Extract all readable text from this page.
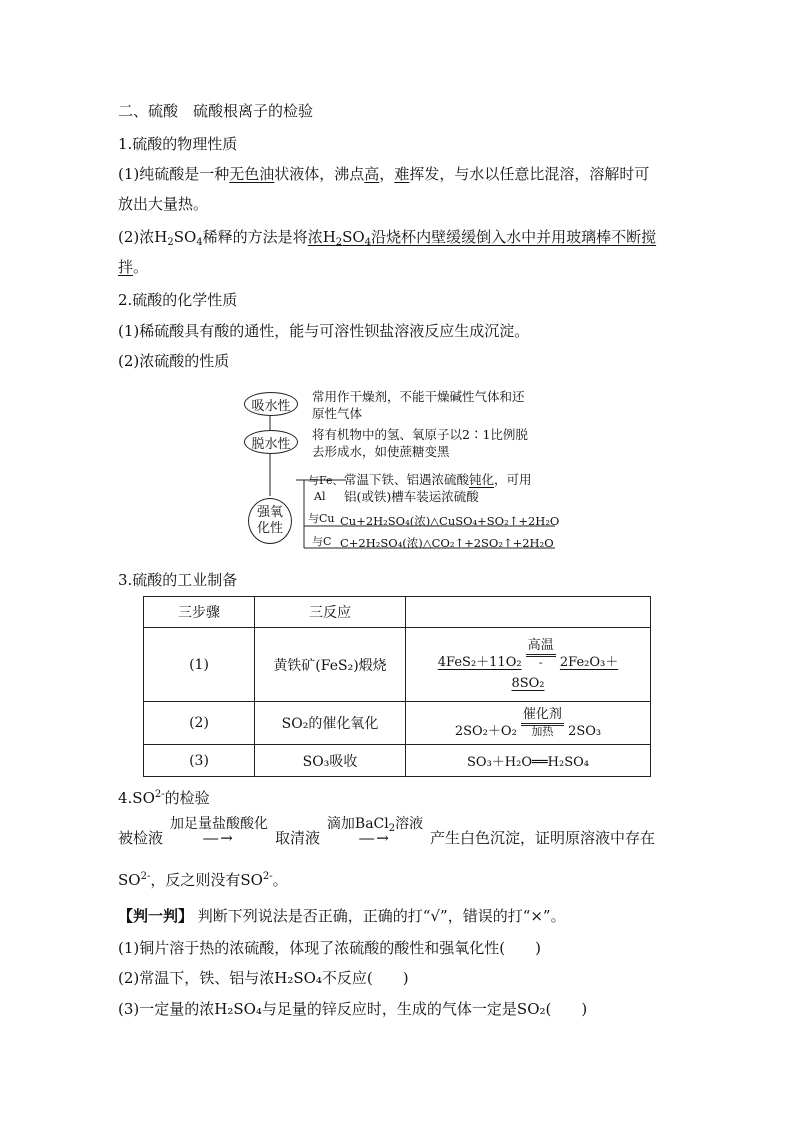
二、硫酸　硫酸根离子的检验
1.硫酸的物理性质
(1)纯硫酸是一种无色油状液体，沸点高，难挥发，与水以任意比混溶，溶解时可
放出大量热。
(2)浓$H_2SO_4$稀释的方法是将浓$H_2SO_4$沿烧杯内壁缓缓倒入水中并用玻璃棒不断搅
拌。
2.硫酸的化学性质
(1)稀硫酸具有酸的通性，能与可溶性钡盐溶液反应生成沉淀。
(2)浓硫酸的性质
吸水性
脱水性
强氧
化性
常用作干燥剂，不能干燥碱性气体和还
原性气体
将有机物中的氢、氧原子以2∶1比例脱
去形成水，如使蔗糖变黑
与Fe、
Al
常温下铁、铝遇浓硫酸钝化，可用
铝(或铁)槽车装运浓硫酸
与Cu Cu+2H₂SO₄(浓)△CuSO₄+SO₂↑+2H₂O
与C C+2H₂SO₄(浓)△CO₂↑+2SO₂↑+2H₂O
3.硫酸的工业制备
三步骤	三反应	
(1)	黄铁矿(FeS₂)煅烧	4FeS₂＋11O₂
高温
- 2Fe₂O₃＋
8SO₂

(2)	SO₂的催化氧化	2SO₂＋O₂
催化剂
加热 2SO₃

(3)	SO₃吸收	SO₃＋H₂O══H₂SO₄
$4.SO^{2-}$的检验
被检液
加足量盐酸酸化
―→	取清液
滴加BaCl$_2$溶液
―→	产生白色沉淀，证明原溶液中存在
$SO^{2-}$，反之则没有$SO^{2-}$。
【判一判】 判断下列说法是否正确，正确的打“√”，错误的打“×”。
(1)铜片溶于热的浓硫酸，体现了浓硫酸的酸性和强氧化性(　　)
(2)常温下，铁、铝与浓H₂SO₄不反应(　　)
(3)一定量的浓H₂SO₄与足量的锌反应时，生成的气体一定是SO₂(　　)
